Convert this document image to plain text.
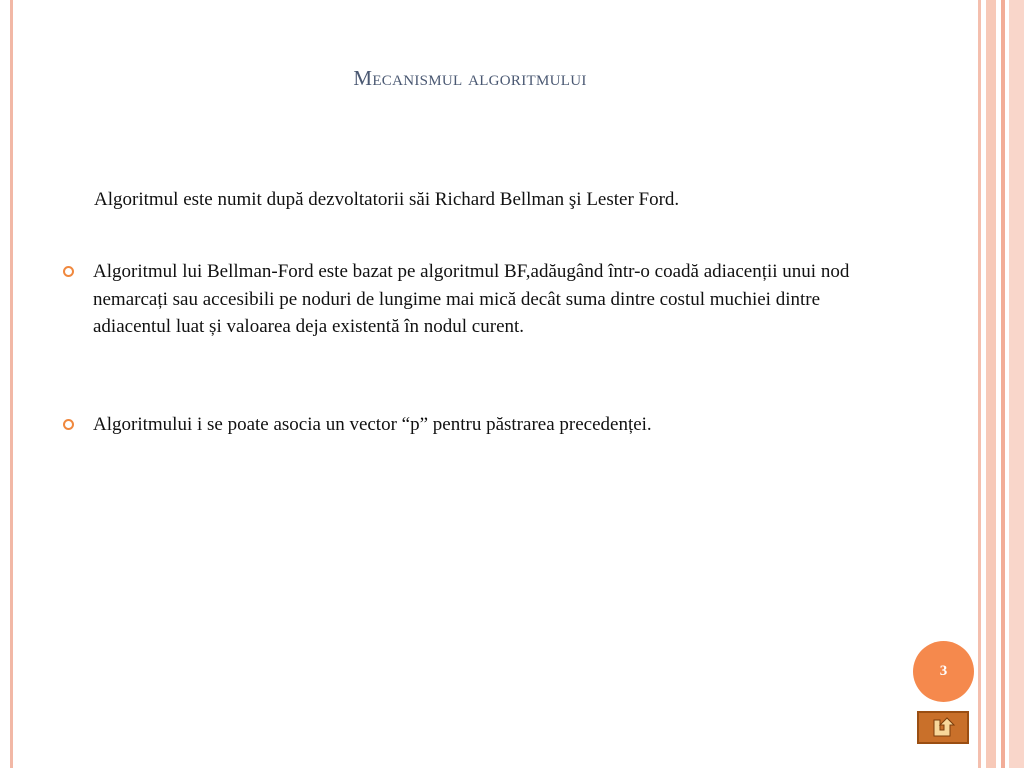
Mecanismul algoritmului
Algoritmul este numit după dezvoltatorii săi Richard Bellman şi Lester Ford.
Algoritmul lui Bellman-Ford este bazat pe algoritmul BF,adăugând într-o coadă adiacenții unui nod nemarcați sau accesibili pe noduri de lungime mai mică decât suma dintre costul muchiei dintre adiacentul luat și valoarea deja existentă în nodul curent.
Algoritmului i se poate asocia un vector “p” pentru păstrarea precedenței.
3
